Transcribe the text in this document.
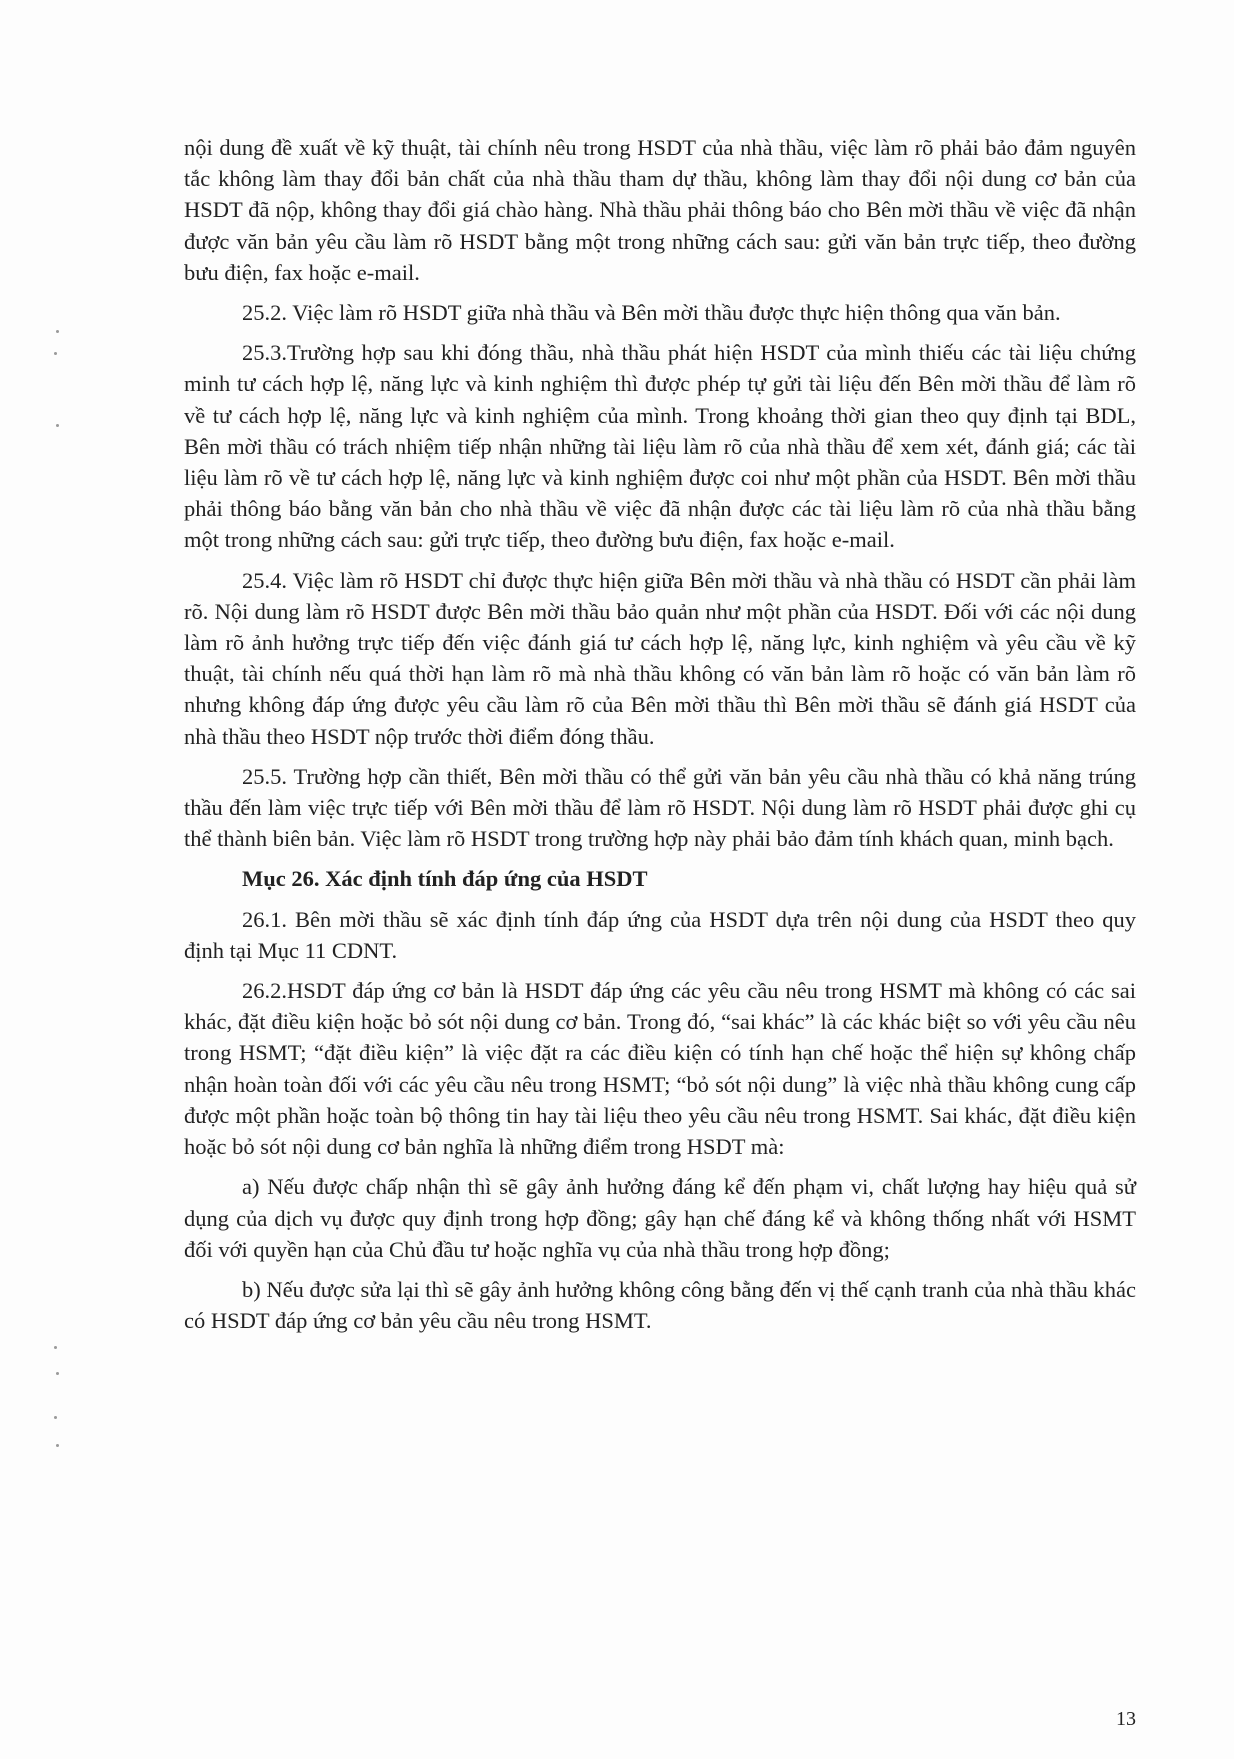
nội dung đề xuất về kỹ thuật, tài chính nêu trong HSDT của nhà thầu, việc làm rõ phải bảo đảm nguyên tắc không làm thay đổi bản chất của nhà thầu tham dự thầu, không làm thay đổi nội dung cơ bản của HSDT đã nộp, không thay đổi giá chào hàng. Nhà thầu phải thông báo cho Bên mời thầu về việc đã nhận được văn bản yêu cầu làm rõ HSDT bằng một trong những cách sau: gửi văn bản trực tiếp, theo đường bưu điện, fax hoặc e-mail.

25.2. Việc làm rõ HSDT giữa nhà thầu và Bên mời thầu được thực hiện thông qua văn bản.

25.3.Trường hợp sau khi đóng thầu, nhà thầu phát hiện HSDT của mình thiếu các tài liệu chứng minh tư cách hợp lệ, năng lực và kinh nghiệm thì được phép tự gửi tài liệu đến Bên mời thầu để làm rõ về tư cách hợp lệ, năng lực và kinh nghiệm của mình. Trong khoảng thời gian theo quy định tại BDL, Bên mời thầu có trách nhiệm tiếp nhận những tài liệu làm rõ của nhà thầu để xem xét, đánh giá; các tài liệu làm rõ về tư cách hợp lệ, năng lực và kinh nghiệm được coi như một phần của HSDT. Bên mời thầu phải thông báo bằng văn bản cho nhà thầu về việc đã nhận được các tài liệu làm rõ của nhà thầu bằng một trong những cách sau: gửi trực tiếp, theo đường bưu điện, fax hoặc e-mail.

25.4. Việc làm rõ HSDT chỉ được thực hiện giữa Bên mời thầu và nhà thầu có HSDT cần phải làm rõ. Nội dung làm rõ HSDT được Bên mời thầu bảo quản như một phần của HSDT. Đối với các nội dung làm rõ ảnh hưởng trực tiếp đến việc đánh giá tư cách hợp lệ, năng lực, kinh nghiệm và yêu cầu về kỹ thuật, tài chính nếu quá thời hạn làm rõ mà nhà thầu không có văn bản làm rõ hoặc có văn bản làm rõ nhưng không đáp ứng được yêu cầu làm rõ của Bên mời thầu thì Bên mời thầu sẽ đánh giá HSDT của nhà thầu theo HSDT nộp trước thời điểm đóng thầu.

25.5. Trường hợp cần thiết, Bên mời thầu có thể gửi văn bản yêu cầu nhà thầu có khả năng trúng thầu đến làm việc trực tiếp với Bên mời thầu để làm rõ HSDT. Nội dung làm rõ HSDT phải được ghi cụ thể thành biên bản. Việc làm rõ HSDT trong trường hợp này phải bảo đảm tính khách quan, minh bạch.

Mục 26. Xác định tính đáp ứng của HSDT

26.1. Bên mời thầu sẽ xác định tính đáp ứng của HSDT dựa trên nội dung của HSDT theo quy định tại Mục 11 CDNT.

26.2.HSDT đáp ứng cơ bản là HSDT đáp ứng các yêu cầu nêu trong HSMT mà không có các sai khác, đặt điều kiện hoặc bỏ sót nội dung cơ bản. Trong đó, “sai khác” là các khác biệt so với yêu cầu nêu trong HSMT; “đặt điều kiện” là việc đặt ra các điều kiện có tính hạn chế hoặc thể hiện sự không chấp nhận hoàn toàn đối với các yêu cầu nêu trong HSMT; “bỏ sót nội dung” là việc nhà thầu không cung cấp được một phần hoặc toàn bộ thông tin hay tài liệu theo yêu cầu nêu trong HSMT. Sai khác, đặt điều kiện hoặc bỏ sót nội dung cơ bản nghĩa là những điểm trong HSDT mà:

a) Nếu được chấp nhận thì sẽ gây ảnh hưởng đáng kể đến phạm vi, chất lượng hay hiệu quả sử dụng của dịch vụ được quy định trong hợp đồng; gây hạn chế đáng kể và không thống nhất với HSMT đối với quyền hạn của Chủ đầu tư hoặc nghĩa vụ của nhà thầu trong hợp đồng;

b) Nếu được sửa lại thì sẽ gây ảnh hưởng không công bằng đến vị thế cạnh tranh của nhà thầu khác có HSDT đáp ứng cơ bản yêu cầu nêu trong HSMT.

13
